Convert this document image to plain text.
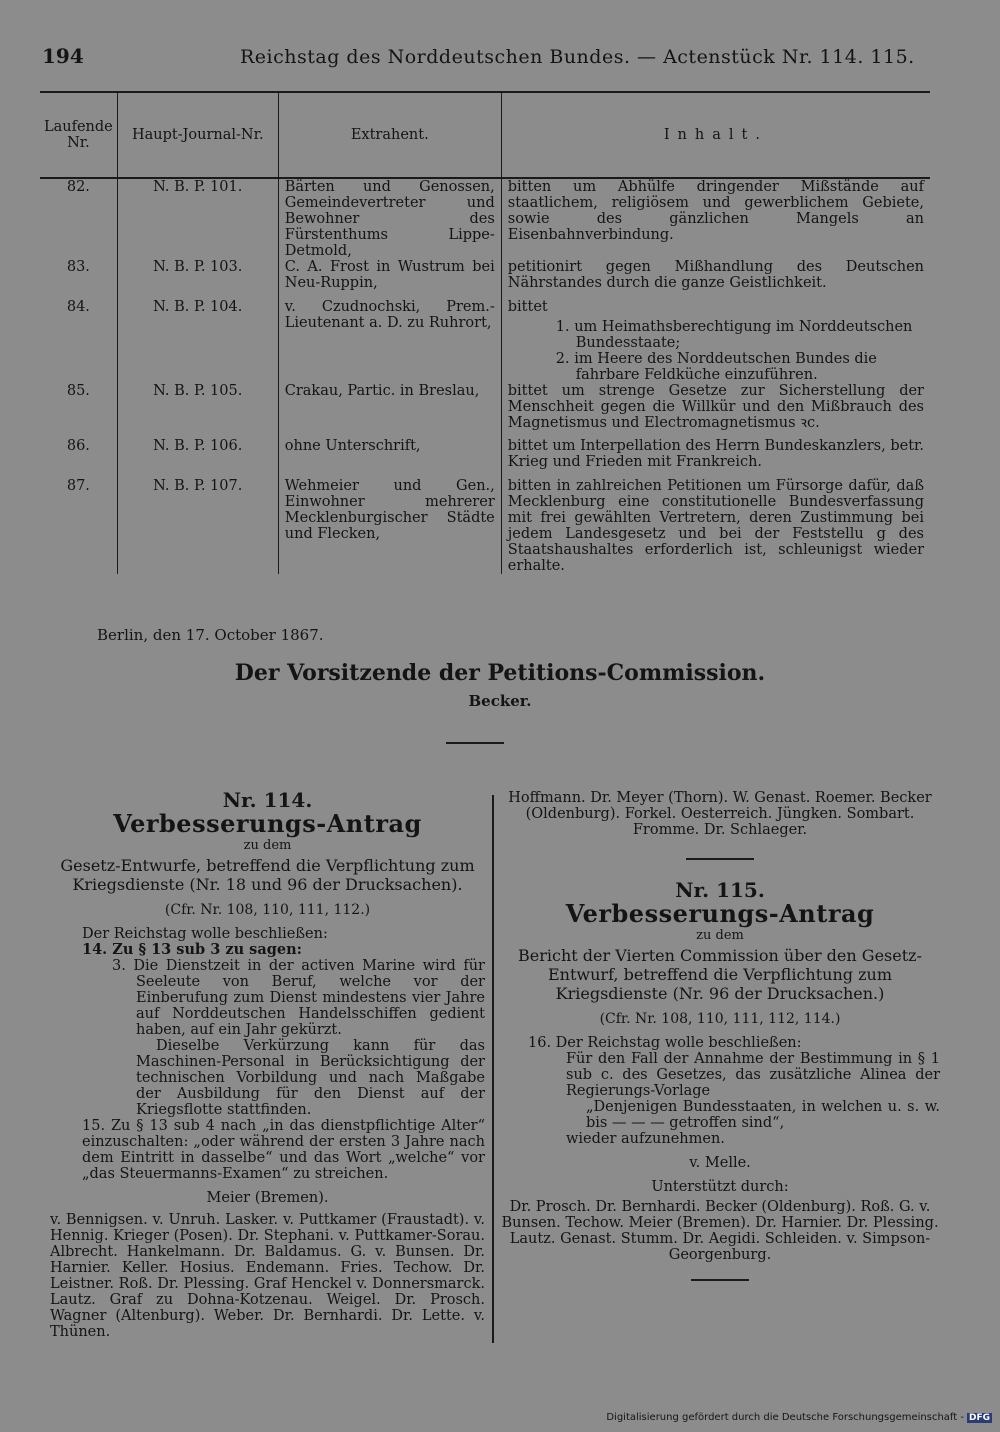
194	Reichstag des Norddeutschen Bundes. — Actenstück Nr. 114. 115.
Laufende Nr.	Haupt-Journal-Nr.	Extrahent.	Inhalt.
82.	N. B. P. 101.	Bärten und Genossen, Gemeindevertreter und Bewohner des Fürstenthums Lippe-Detmold,	bitten um Abhülfe dringender Mißstände auf staatlichem, religiösem und gewerblichem Gebiete, sowie des gänzlichen Mangels an Eisenbahnverbindung.
83.	N. B. P. 103.	C. A. Frost in Wustrum bei Neu-Ruppin,	petitionirt gegen Mißhandlung des Deutschen Nährstandes durch die ganze Geistlichkeit.
84.	N. B. P. 104.	v. Czudnochski, Prem.-Lieutenant a. D. zu Ruhrort,	bittet
1. um Heimathsberechtigung im Norddeutschen Bundesstaate;
2. im Heere des Norddeutschen Bundes die fahrbare Feldküche einzuführen.

85.	N. B. P. 105.	Crakau, Partic. in Breslau,	bittet um strenge Gesetze zur Sicherstellung der Menschheit gegen die Willkür und den Mißbrauch des Magnetismus und Electromagnetismus ꝛc.
86.	N. B. P. 106.	ohne Unterschrift,	bittet um Interpellation des Herrn Bundeskanzlers, betr. Krieg und Frieden mit Frankreich.
87.	N. B. P. 107.	Wehmeier und Gen., Einwohner mehrerer Mecklenburgischer Städte und Flecken,	bitten in zahlreichen Petitionen um Fürsorge dafür, daß Mecklenburg eine constitutionelle Bundesverfassung mit frei gewählten Vertretern, deren Zustimmung bei jedem Landesgesetz und bei der Feststellu g des Staatshaushaltes erforderlich ist, schleunigst wieder erhalte.
Berlin, den 17. October 1867.
Der Vorsitzende der Petitions-Commission.
Becker.
Nr. 114.
Verbesserungs-Antrag
zu dem
Gesetz-Entwurfe, betreffend die Verpflichtung zum Kriegsdienste (Nr. 18 und 96 der Drucksachen).
(Cfr. Nr. 108, 110, 111, 112.)
Der Reichstag wolle beschließen:
14. Zu § 13 sub 3 zu sagen:
3. Die Dienstzeit in der activen Marine wird für Seeleute von Beruf, welche vor der Einberufung zum Dienst mindestens vier Jahre auf Norddeutschen Handelsschiffen gedient haben, auf ein Jahr gekürzt.
Dieselbe Verkürzung kann für das Maschinen-Personal in Berücksichtigung der technischen Vorbildung und nach Maßgabe der Ausbildung für den Dienst auf der Kriegsflotte stattfinden.
15. Zu § 13 sub 4 nach „in das dienstpflichtige Alter“ einzuschalten: „oder während der ersten 3 Jahre nach dem Eintritt in dasselbe“ und das Wort „welche“ vor „das Steuermanns-Examen“ zu streichen.
Meier (Bremen).
v. Bennigsen. v. Unruh. Lasker. v. Puttkamer (Fraustadt). v. Hennig. Krieger (Posen). Dr. Stephani. v. Puttkamer-Sorau. Albrecht. Hankelmann. Dr. Baldamus. G. v. Bunsen. Dr. Harnier. Keller. Hosius. Endemann. Fries. Techow. Dr. Leistner. Roß. Dr. Plessing. Graf Henckel v. Donnersmarck. Lautz. Graf zu Dohna-Kotzenau. Weigel. Dr. Prosch. Wagner (Altenburg). Weber. Dr. Bernhardi. Dr. Lette. v. Thünen.
Hoffmann. Dr. Meyer (Thorn). W. Genast. Roemer. Becker (Oldenburg). Forkel. Oesterreich. Jüngken. Sombart. Fromme. Dr. Schlaeger.
Nr. 115.
Verbesserungs-Antrag
zu dem
Bericht der Vierten Commission über den Gesetz-Entwurf, betreffend die Verpflichtung zum Kriegsdienste (Nr. 96 der Drucksachen.)
(Cfr. Nr. 108, 110, 111, 112, 114.)
16. Der Reichstag wolle beschließen:
Für den Fall der Annahme der Bestimmung in § 1 sub c. des Gesetzes, das zusätzliche Alinea der Regierungs-Vorlage
„Denjenigen Bundesstaaten, in welchen u. s. w. bis — — — getroffen sind“,
wieder aufzunehmen.
v. Melle.
Unterstützt durch:
Dr. Prosch. Dr. Bernhardi. Becker (Oldenburg). Roß. G. v. Bunsen. Techow. Meier (Bremen). Dr. Harnier. Dr. Plessing. Lautz. Genast. Stumm. Dr. Aegidi. Schleiden. v. Simpson-Georgenburg.
Digitalisierung gefördert durch die Deutsche Forschungsgemeinschaft - DFG
